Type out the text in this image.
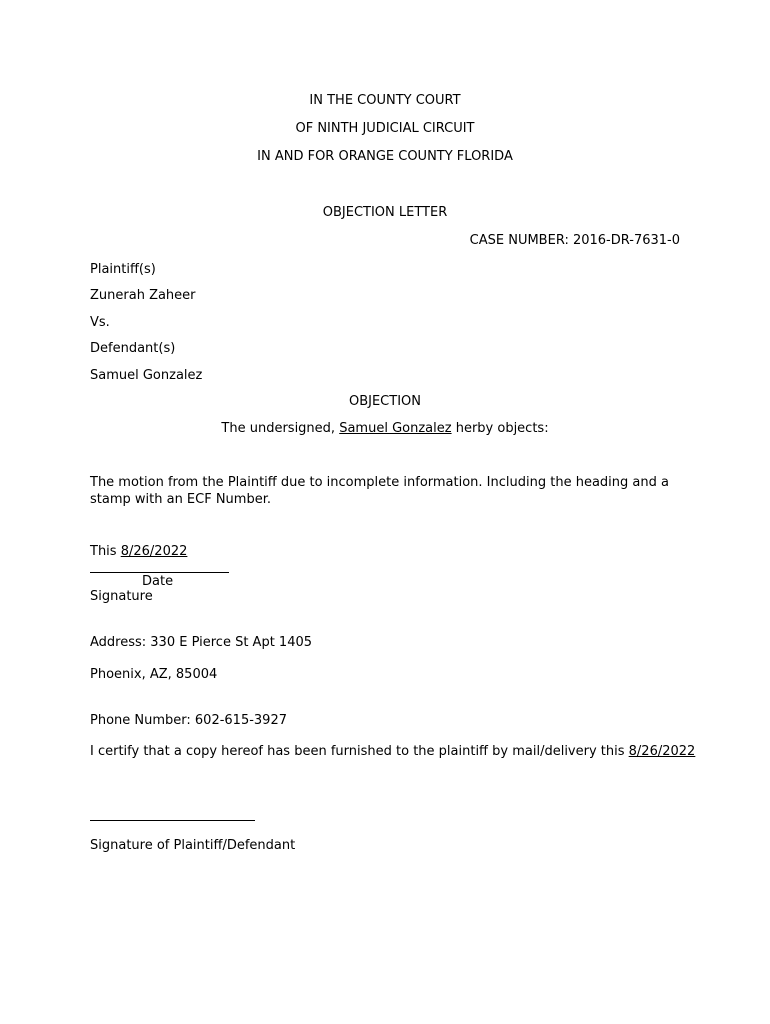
IN THE COUNTY COURT
OF NINTH JUDICIAL CIRCUIT
IN AND FOR ORANGE COUNTY FLORIDA
OBJECTION LETTER
CASE NUMBER: 2016-DR-7631-0
Plaintiff(s)
Zunerah Zaheer
Vs.
Defendant(s)
Samuel Gonzalez
OBJECTION
The undersigned, Samuel Gonzalez herby objects:
The motion from the Plaintiff due to incomplete information. Including the heading and a stamp with an ECF Number.
This 8/26/2022
Date
Signature
Address: 330 E Pierce St Apt 1405
Phoenix, AZ, 85004
Phone Number: 602-615-3927
I certify that a copy hereof has been furnished to the plaintiff by mail/delivery this 8/26/2022
Signature of Plaintiff/Defendant
